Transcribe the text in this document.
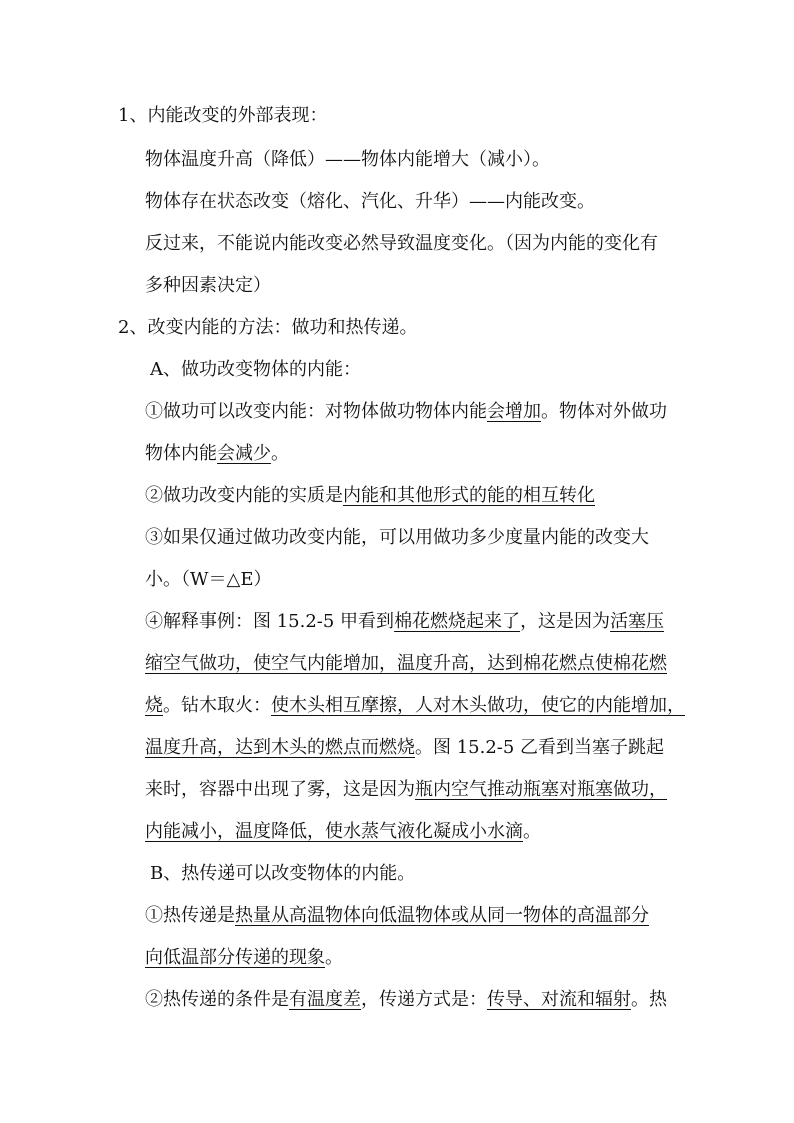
1、内能改变的外部表现：
物体温度升高（降低）——物体内能增大（减小）。
物体存在状态改变（熔化、汽化、升华）——内能改变。
反过来，不能说内能改变必然导致温度变化。（因为内能的变化有
多种因素决定）
2、改变内能的方法：做功和热传递。
A、做功改变物体的内能：
①做功可以改变内能：对物体做功物体内能会增加。物体对外做功
物体内能会减少。
②做功改变内能的实质是内能和其他形式的能的相互转化
③如果仅通过做功改变内能，可以用做功多少度量内能的改变大
小。（W＝△E）
④解释事例：图 15.2-5 甲看到棉花燃烧起来了，这是因为活塞压
缩空气做功，使空气内能增加，温度升高，达到棉花燃点使棉花燃
烧。钻木取火：使木头相互摩擦，人对木头做功，使它的内能增加，
温度升高，达到木头的燃点而燃烧。图 15.2-5 乙看到当塞子跳起
来时，容器中出现了雾，这是因为瓶内空气推动瓶塞对瓶塞做功，
内能减小，温度降低，使水蒸气液化凝成小水滴。
B、热传递可以改变物体的内能。
①热传递是热量从高温物体向低温物体或从同一物体的高温部分
向低温部分传递的现象。
②热传递的条件是有温度差，传递方式是：传导、对流和辐射。热
